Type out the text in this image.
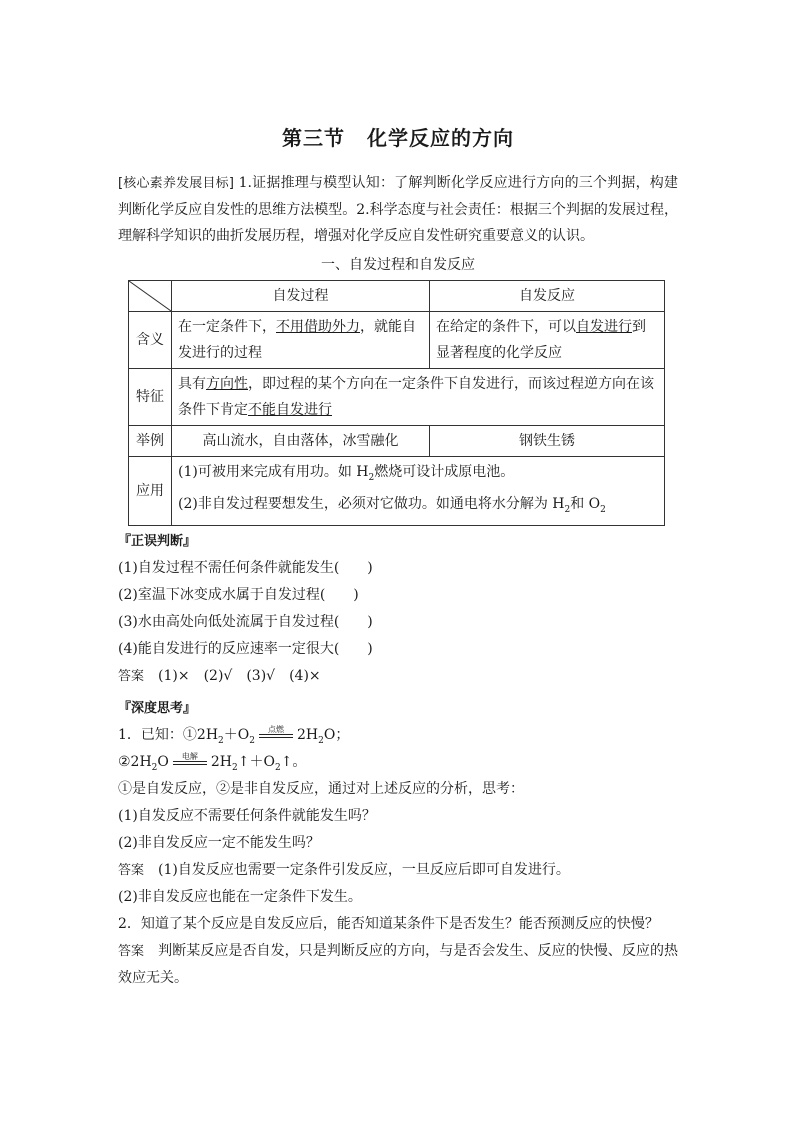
第三节 化学反应的方向
[核心素养发展目标] 1.证据推理与模型认知：了解判断化学反应进行方向的三个判据，构建判断化学反应自发性的思维方法模型。2.科学态度与社会责任：根据三个判据的发展过程，理解科学知识的曲折发展历程，增强对化学反应自发性研究重要意义的认识。
一、自发过程和自发反应
	自发过程	自发反应
含义	在一定条件下，不用借助外力，就能自发进行的过程	在给定的条件下，可以自发进行到显著程度的化学反应
特征	具有方向性，即过程的某个方向在一定条件下自发进行，而该过程逆方向在该条件下肯定不能自发进行	
举例	高山流水，自由落体，冰雪融化	钢铁生锈
应用	(1)可被用来完成有用功。如 $H_2$燃烧可设计成原电池。
(2)非自发过程要想发生，必须对它做功。如通电将水分解为 $H_2$和 $O_2$
『正误判断』
(1)自发过程不需任何条件就能发生(　　)
(2)室温下冰变成水属于自发过程(　　)
(3)水由高处向低处流属于自发过程(　　)
(4)能自发进行的反应速率一定很大(　　)
答案　 (1)×　(2)√　(3)√　(4)×
『深度思考』
1．已知：$①2H_2+O_2$
点燃 $2H_2O$；
$②2H_2O$ 电解 $2H_2↑+O_2↑$。
①是自发反应，②是非自发反应，通过对上述反应的分析，思考：
(1)自发反应不需要任何条件就能发生吗？
(2)非自发反应一定不能发生吗？
答案　 (1)自发反应也需要一定条件引发反应，一旦反应后即可自发进行。
(2)非自发反应也能在一定条件下发生。
2．知道了某个反应是自发反应后，能否知道某条件下是否发生？能否预测反应的快慢？
答案　 判断某反应是否自发，只是判断反应的方向，与是否会发生、反应的快慢、反应的热效应无关。
